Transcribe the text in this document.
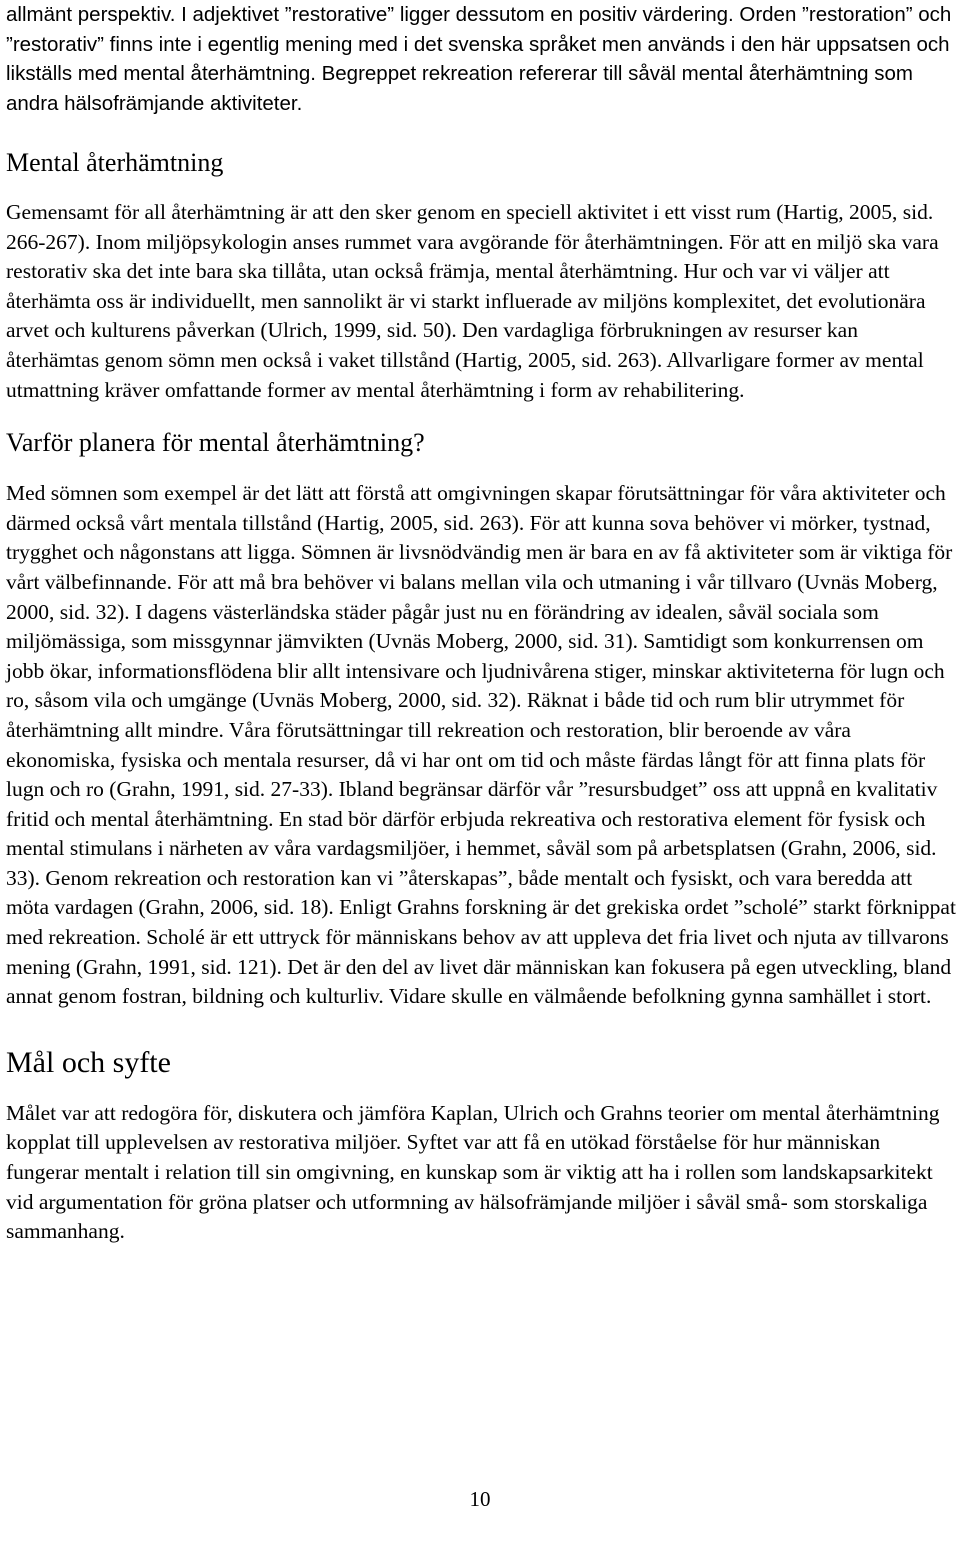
allmänt perspektiv. I adjektivet ”restorative” ligger dessutom en positiv värdering. Orden ”restoration” och ”restorativ” finns inte i egentlig mening med i det svenska språket men används i den här uppsatsen och likställs med mental återhämtning. Begreppet rekreation refererar till såväl mental återhämtning som andra hälsofrämjande aktiviteter.

Mental återhämtning

Gemensamt för all återhämtning är att den sker genom en speciell aktivitet i ett visst rum (Hartig, 2005, sid. 266-267). Inom miljöpsykologin anses rummet vara avgörande för återhämtningen. För att en miljö ska vara restorativ ska det inte bara ska tillåta, utan också främja, mental återhämtning. Hur och var vi väljer att återhämta oss är individuellt, men sannolikt är vi starkt influerade av miljöns komplexitet, det evolutionära arvet och kulturens påverkan (Ulrich, 1999, sid. 50). Den vardagliga förbrukningen av resurser kan återhämtas genom sömn men också i vaket tillstånd (Hartig, 2005, sid. 263). Allvarligare former av mental utmattning kräver omfattande former av mental återhämtning i form av rehabilitering.

Varför planera för mental återhämtning?

Med sömnen som exempel är det lätt att förstå att omgivningen skapar förutsättningar för våra aktiviteter och därmed också vårt mentala tillstånd (Hartig, 2005, sid. 263). För att kunna sova behöver vi mörker, tystnad, trygghet och någonstans att ligga. Sömnen är livsnödvändig men är bara en av få aktiviteter som är viktiga för vårt välbefinnande. För att må bra behöver vi balans mellan vila och utmaning i vår tillvaro (Uvnäs Moberg, 2000, sid. 32). I dagens västerländska städer pågår just nu en förändring av idealen, såväl sociala som miljömässiga, som missgynnar jämvikten (Uvnäs Moberg, 2000, sid. 31). Samtidigt som konkurrensen om jobb ökar, informationsflödena blir allt intensivare och ljudnivårena stiger, minskar aktiviteterna för lugn och ro, såsom vila och umgänge (Uvnäs Moberg, 2000, sid. 32). Räknat i både tid och rum blir utrymmet för återhämtning allt mindre. Våra förutsättningar till rekreation och restoration, blir beroende av våra ekonomiska, fysiska och mentala resurser, då vi har ont om tid och måste färdas långt för att finna plats för lugn och ro (Grahn, 1991, sid. 27-33). Ibland begränsar därför vår ”resursbudget” oss att uppnå en kvalitativ fritid och mental återhämtning. En stad bör därför erbjuda rekreativa och restorativa element för fysisk och mental stimulans i närheten av våra vardagsmiljöer, i hemmet, såväl som på arbetsplatsen (Grahn, 2006, sid. 33). Genom rekreation och restoration kan vi ”återskapas”, både mentalt och fysiskt, och vara beredda att möta vardagen (Grahn, 2006, sid. 18). Enligt Grahns forskning är det grekiska ordet ”scholé” starkt förknippat med rekreation. Scholé är ett uttryck för människans behov av att uppleva det fria livet och njuta av tillvarons mening (Grahn, 1991, sid. 121). Det är den del av livet där människan kan fokusera på egen utveckling, bland annat genom fostran, bildning och kulturliv. Vidare skulle en välmående befolkning gynna samhället i stort.

Mål och syfte

Målet var att redogöra för, diskutera och jämföra Kaplan, Ulrich och Grahns teorier om mental återhämtning kopplat till upplevelsen av restorativa miljöer. Syftet var att få en utökad förståelse för hur människan fungerar mentalt i relation till sin omgivning, en kunskap som är viktig att ha i rollen som landskapsarkitekt vid argumentation för gröna platser och utformning av hälsofrämjande miljöer i såväl små- som storskaliga sammanhang.

10
